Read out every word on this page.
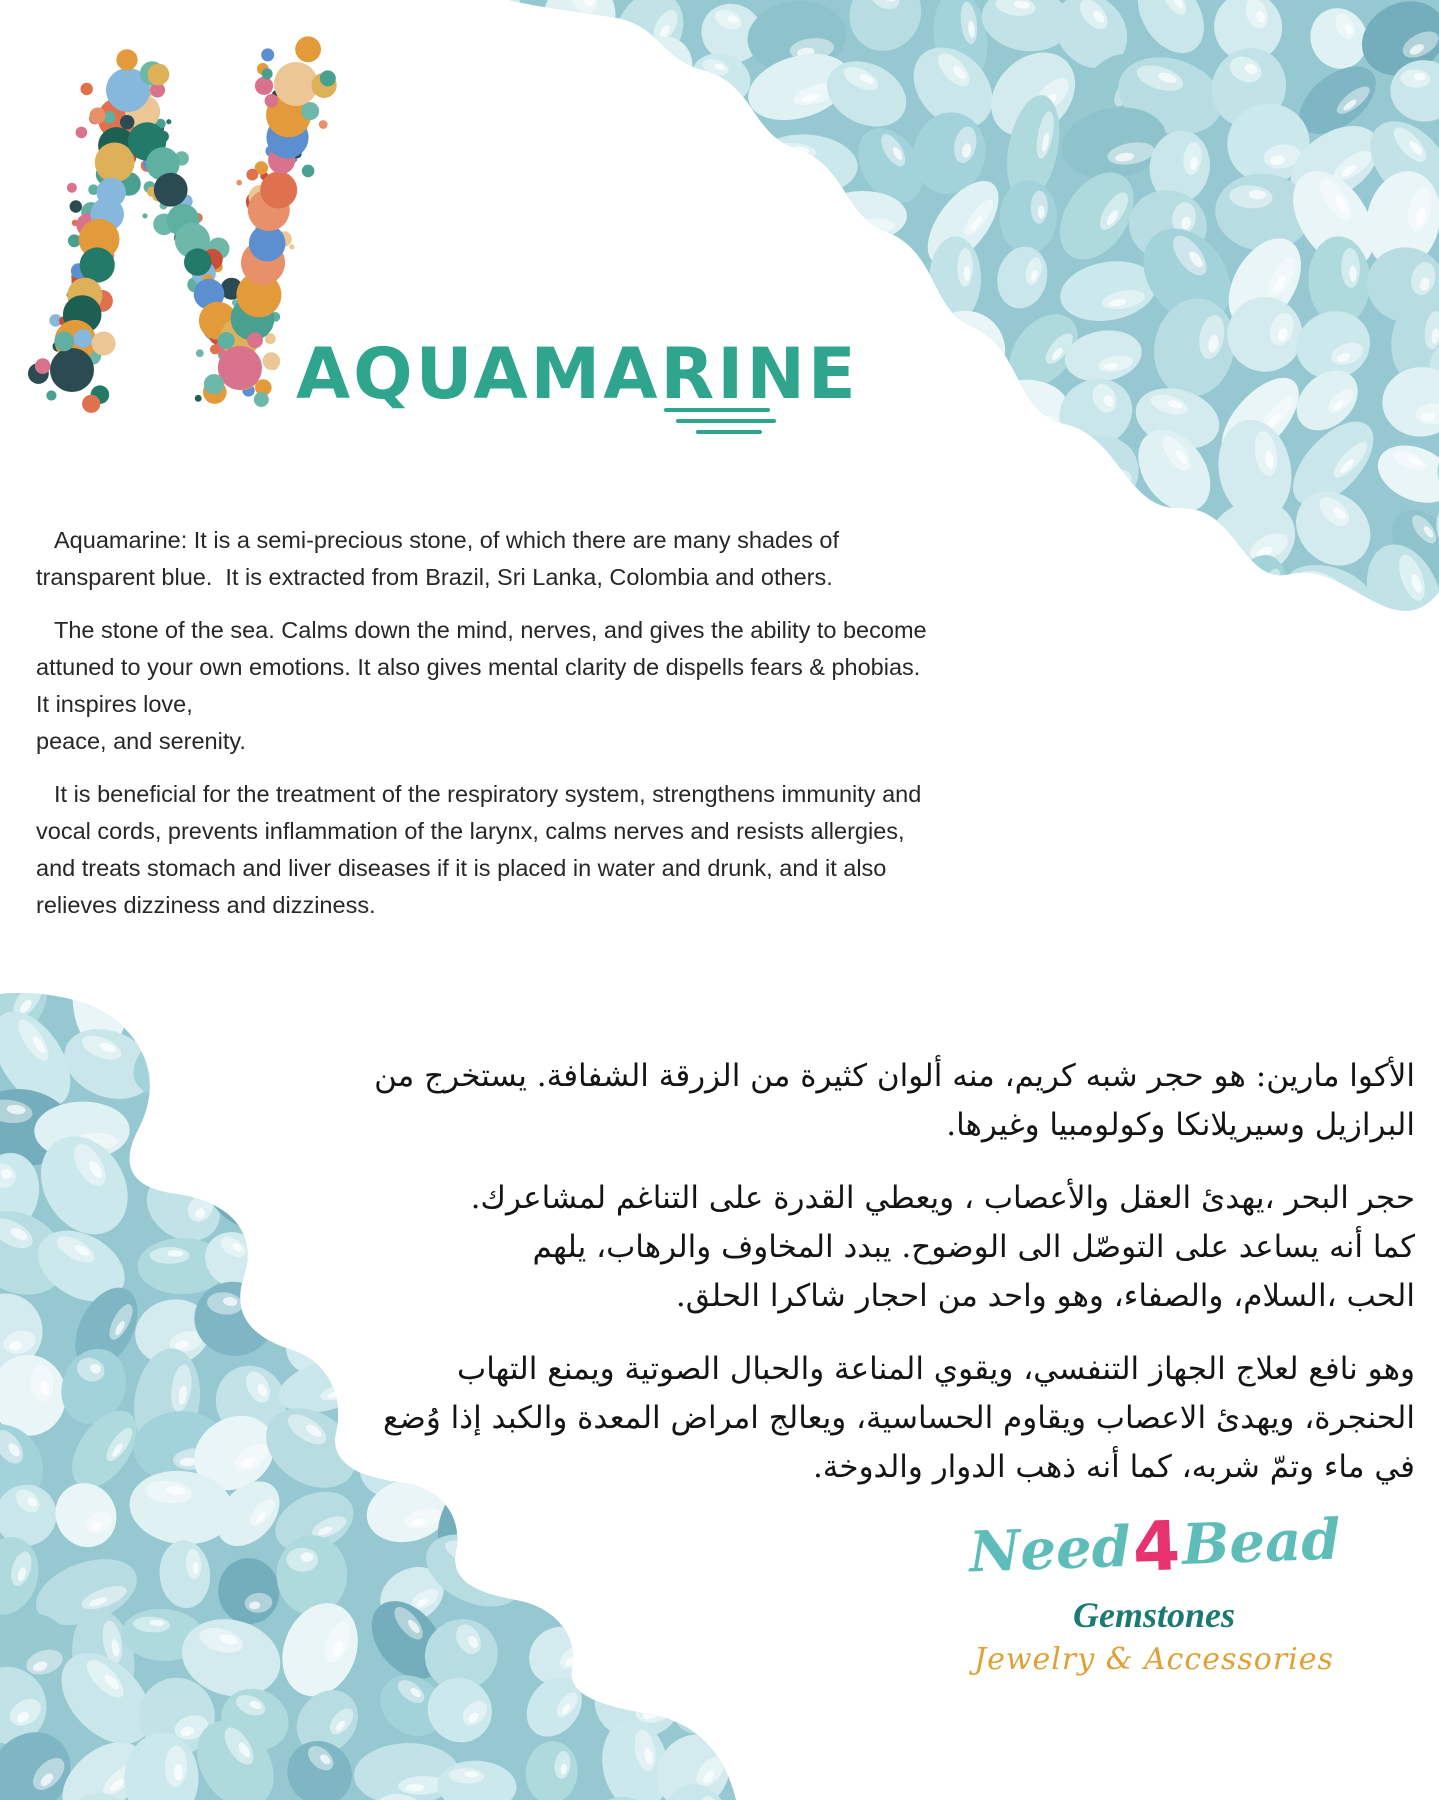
AQUAMARINE
Aquamarine: It is a semi-precious stone, of which there are many shades of
transparent blue.  It is extracted from Brazil, Sri Lanka, Colombia and others.
The stone of the sea. Calms down the mind, nerves, and gives the ability to become
attuned to your own emotions. It also gives mental clarity de dispells fears & phobias.
It inspires love,
peace, and serenity.
It is beneficial for the treatment of the respiratory system, strengthens immunity and
vocal cords, prevents inflammation of the larynx, calms nerves and resists allergies,
and treats stomach and liver diseases if it is placed in water and drunk, and it also
relieves dizziness and dizziness.
الأكوا مارين: هو حجر شبه كريم، منه ألوان كثيرة من الزرقة الشفافة. يستخرج من
البرازيل وسيريلانكا وكولومبيا وغيرها.
حجر البحر ،يهدئ العقل والأعصاب ، ويعطي القدرة على التناغم لمشاعرك.
كما أنه يساعد على التوصّل الى الوضوح. يبدد المخاوف والرهاب، يلهم
الحب ،السلام، والصفاء، وهو واحد من احجار شاكرا الحلق.
وهو نافع لعلاج الجهاز التنفسي، ويقوي المناعة والحبال الصوتية ويمنع التهاب
الحنجرة، ويهدئ الاعصاب ويقاوم الحساسية، ويعالج امراض المعدة والكبد إذا وُضع
في ماء وتمّ شربه، كما أنه ذهب الدوار والدوخة.
Need4Bead
Gemstones
Jewelry & Accessories
